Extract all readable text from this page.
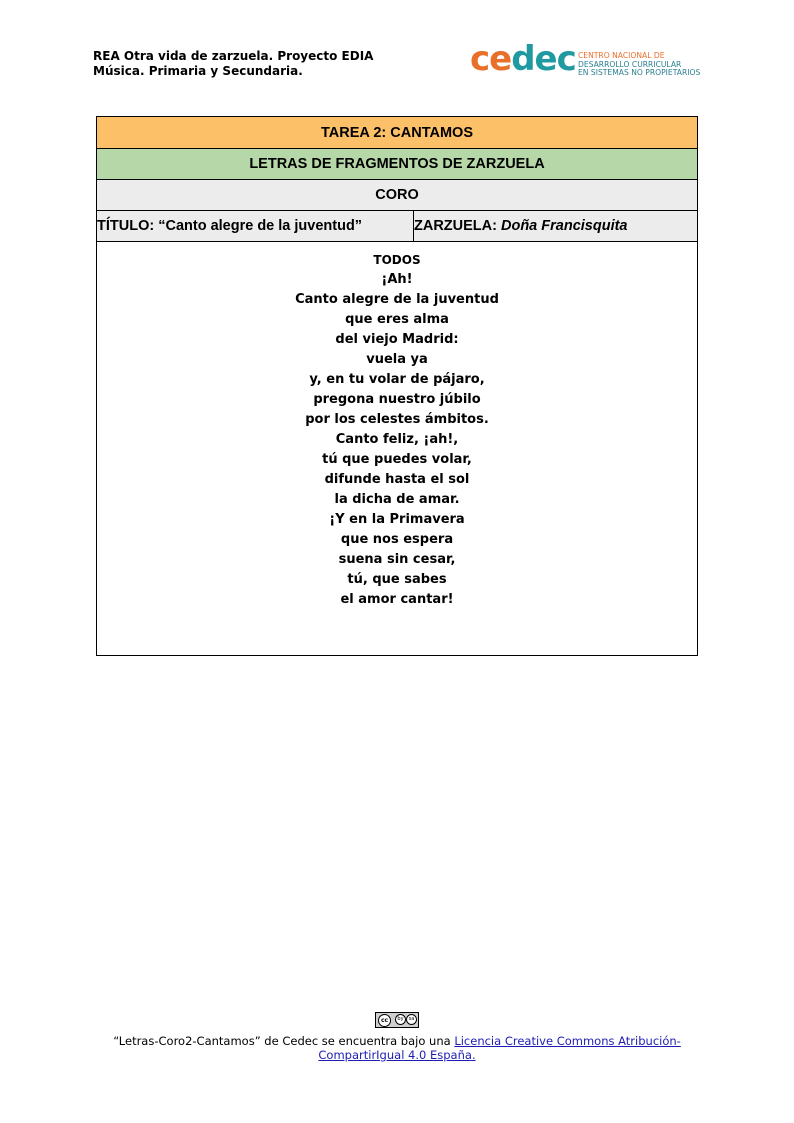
REA Otra vida de zarzuela. Proyecto EDIA
Música. Primaria y Secundaria.	cedec CENTRO NACIONAL DE
DESARROLLO CURRICULAR
EN SISTEMAS NO PROPIETARIOS
TAREA 2: CANTAMOS
LETRAS DE FRAGMENTOS DE ZARZUELA
CORO
TÍTULO: “Canto alegre de la juventud”	ZARZUELA: Doña Francisquita

TODOS
¡Ah!
Canto alegre de la juventud
que eres alma
del viejo Madrid:
vuela ya
y, en tu volar de pájaro,
pregona nuestro júbilo
por los celestes ámbitos.
Canto feliz, ¡ah!,
tú que puedes volar,
difunde hasta el sol
la dicha de amar.
¡Y en la Primavera
que nos espera
suena sin cesar,
tú, que sabes
el amor cantar!
cc	by	sa
“Letras-Coro2-Cantamos” de Cedec se encuentra bajo una Licencia Creative Commons Atribución-
CompartirIgual 4.0 España.
